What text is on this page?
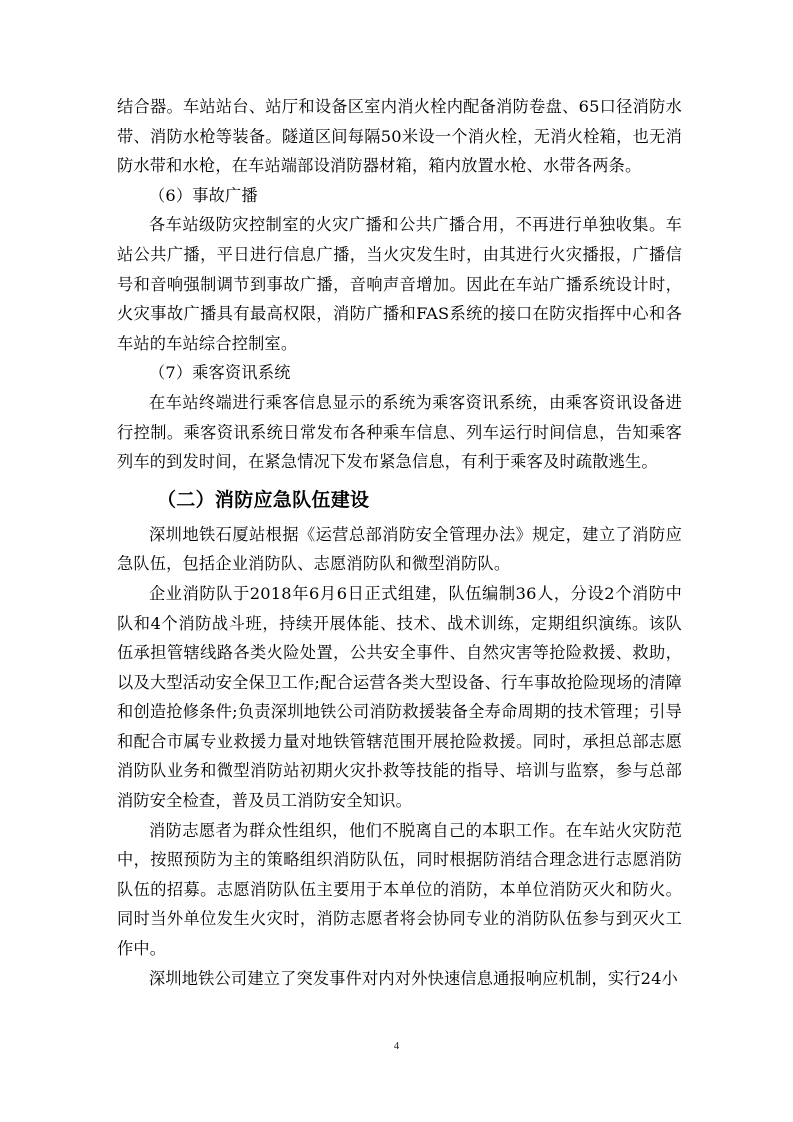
结合器。车站站台、站厅和设备区室内消火栓内配备消防卷盘、65口径消防水带、消防水枪等装备。隧道区间每隔50米设一个消火栓，无消火栓箱，也无消防水带和水枪，在车站端部设消防器材箱，箱内放置水枪、水带各两条。

（6）事故广播

各车站级防灾控制室的火灾广播和公共广播合用，不再进行单独收集。车站公共广播，平日进行信息广播，当火灾发生时，由其进行火灾播报，广播信号和音响强制调节到事故广播，音响声音增加。因此在车站广播系统设计时，火灾事故广播具有最高权限，消防广播和FAS系统的接口在防灾指挥中心和各车站的车站综合控制室。

（7）乘客资讯系统

在车站终端进行乘客信息显示的系统为乘客资讯系统，由乘客资讯设备进行控制。乘客资讯系统日常发布各种乘车信息、列车运行时间信息，告知乘客列车的到发时间，在紧急情况下发布紧急信息，有利于乘客及时疏散逃生。

（二）消防应急队伍建设

深圳地铁石厦站根据《运营总部消防安全管理办法》规定，建立了消防应急队伍，包括企业消防队、志愿消防队和微型消防队。

企业消防队于2018年6月6日正式组建，队伍编制36人，分设2个消防中队和4个消防战斗班，持续开展体能、技术、战术训练，定期组织演练。该队伍承担管辖线路各类火险处置，公共安全事件、自然灾害等抢险救援、救助，以及大型活动安全保卫工作;配合运营各类大型设备、行车事故抢险现场的清障和创造抢修条件;负责深圳地铁公司消防救援装备全寿命周期的技术管理；引导和配合市属专业救援力量对地铁管辖范围开展抢险救援。同时，承担总部志愿消防队业务和微型消防站初期火灾扑救等技能的指导、培训与监察，参与总部消防安全检查，普及员工消防安全知识。

消防志愿者为群众性组织，他们不脱离自己的本职工作。在车站火灾防范中，按照预防为主的策略组织消防队伍，同时根据防消结合理念进行志愿消防队伍的招募。志愿消防队伍主要用于本单位的消防，本单位消防灭火和防火。同时当外单位发生火灾时，消防志愿者将会协同专业的消防队伍参与到灭火工作中。

深圳地铁公司建立了突发事件对内对外快速信息通报响应机制，实行24小

4
